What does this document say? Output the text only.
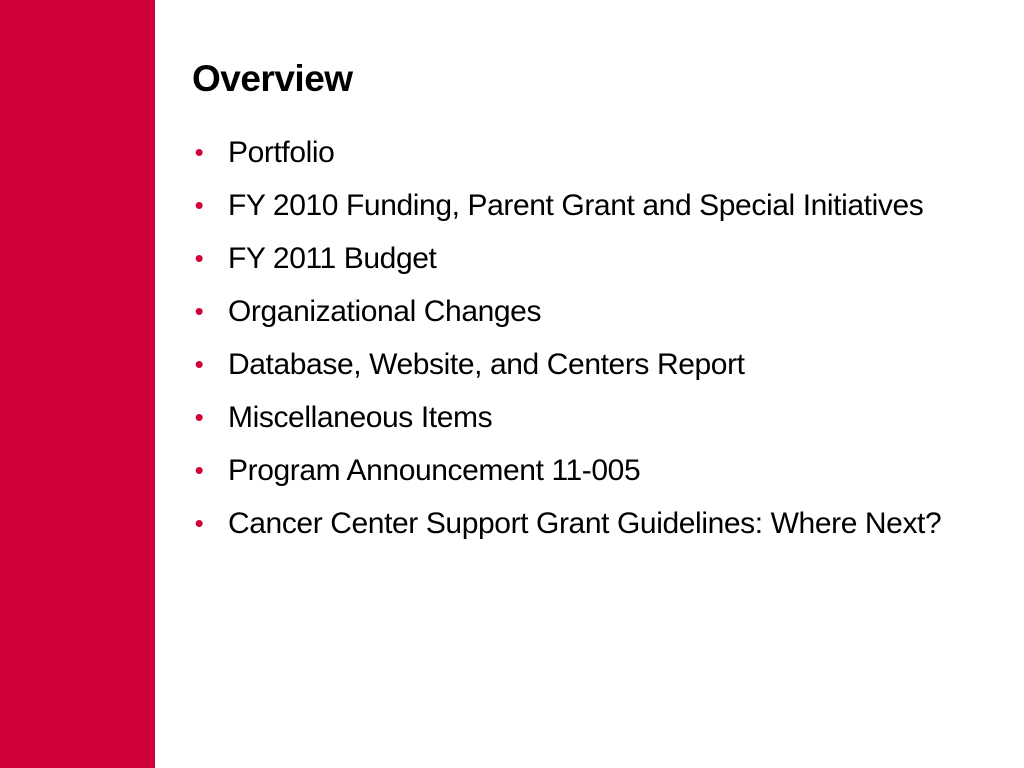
Overview
• Portfolio
• FY 2010 Funding, Parent Grant and Special Initiatives
• FY 2011 Budget
• Organizational Changes
• Database, Website, and Centers Report
• Miscellaneous Items
• Program Announcement 11-005
• Cancer Center Support Grant Guidelines: Where Next?
